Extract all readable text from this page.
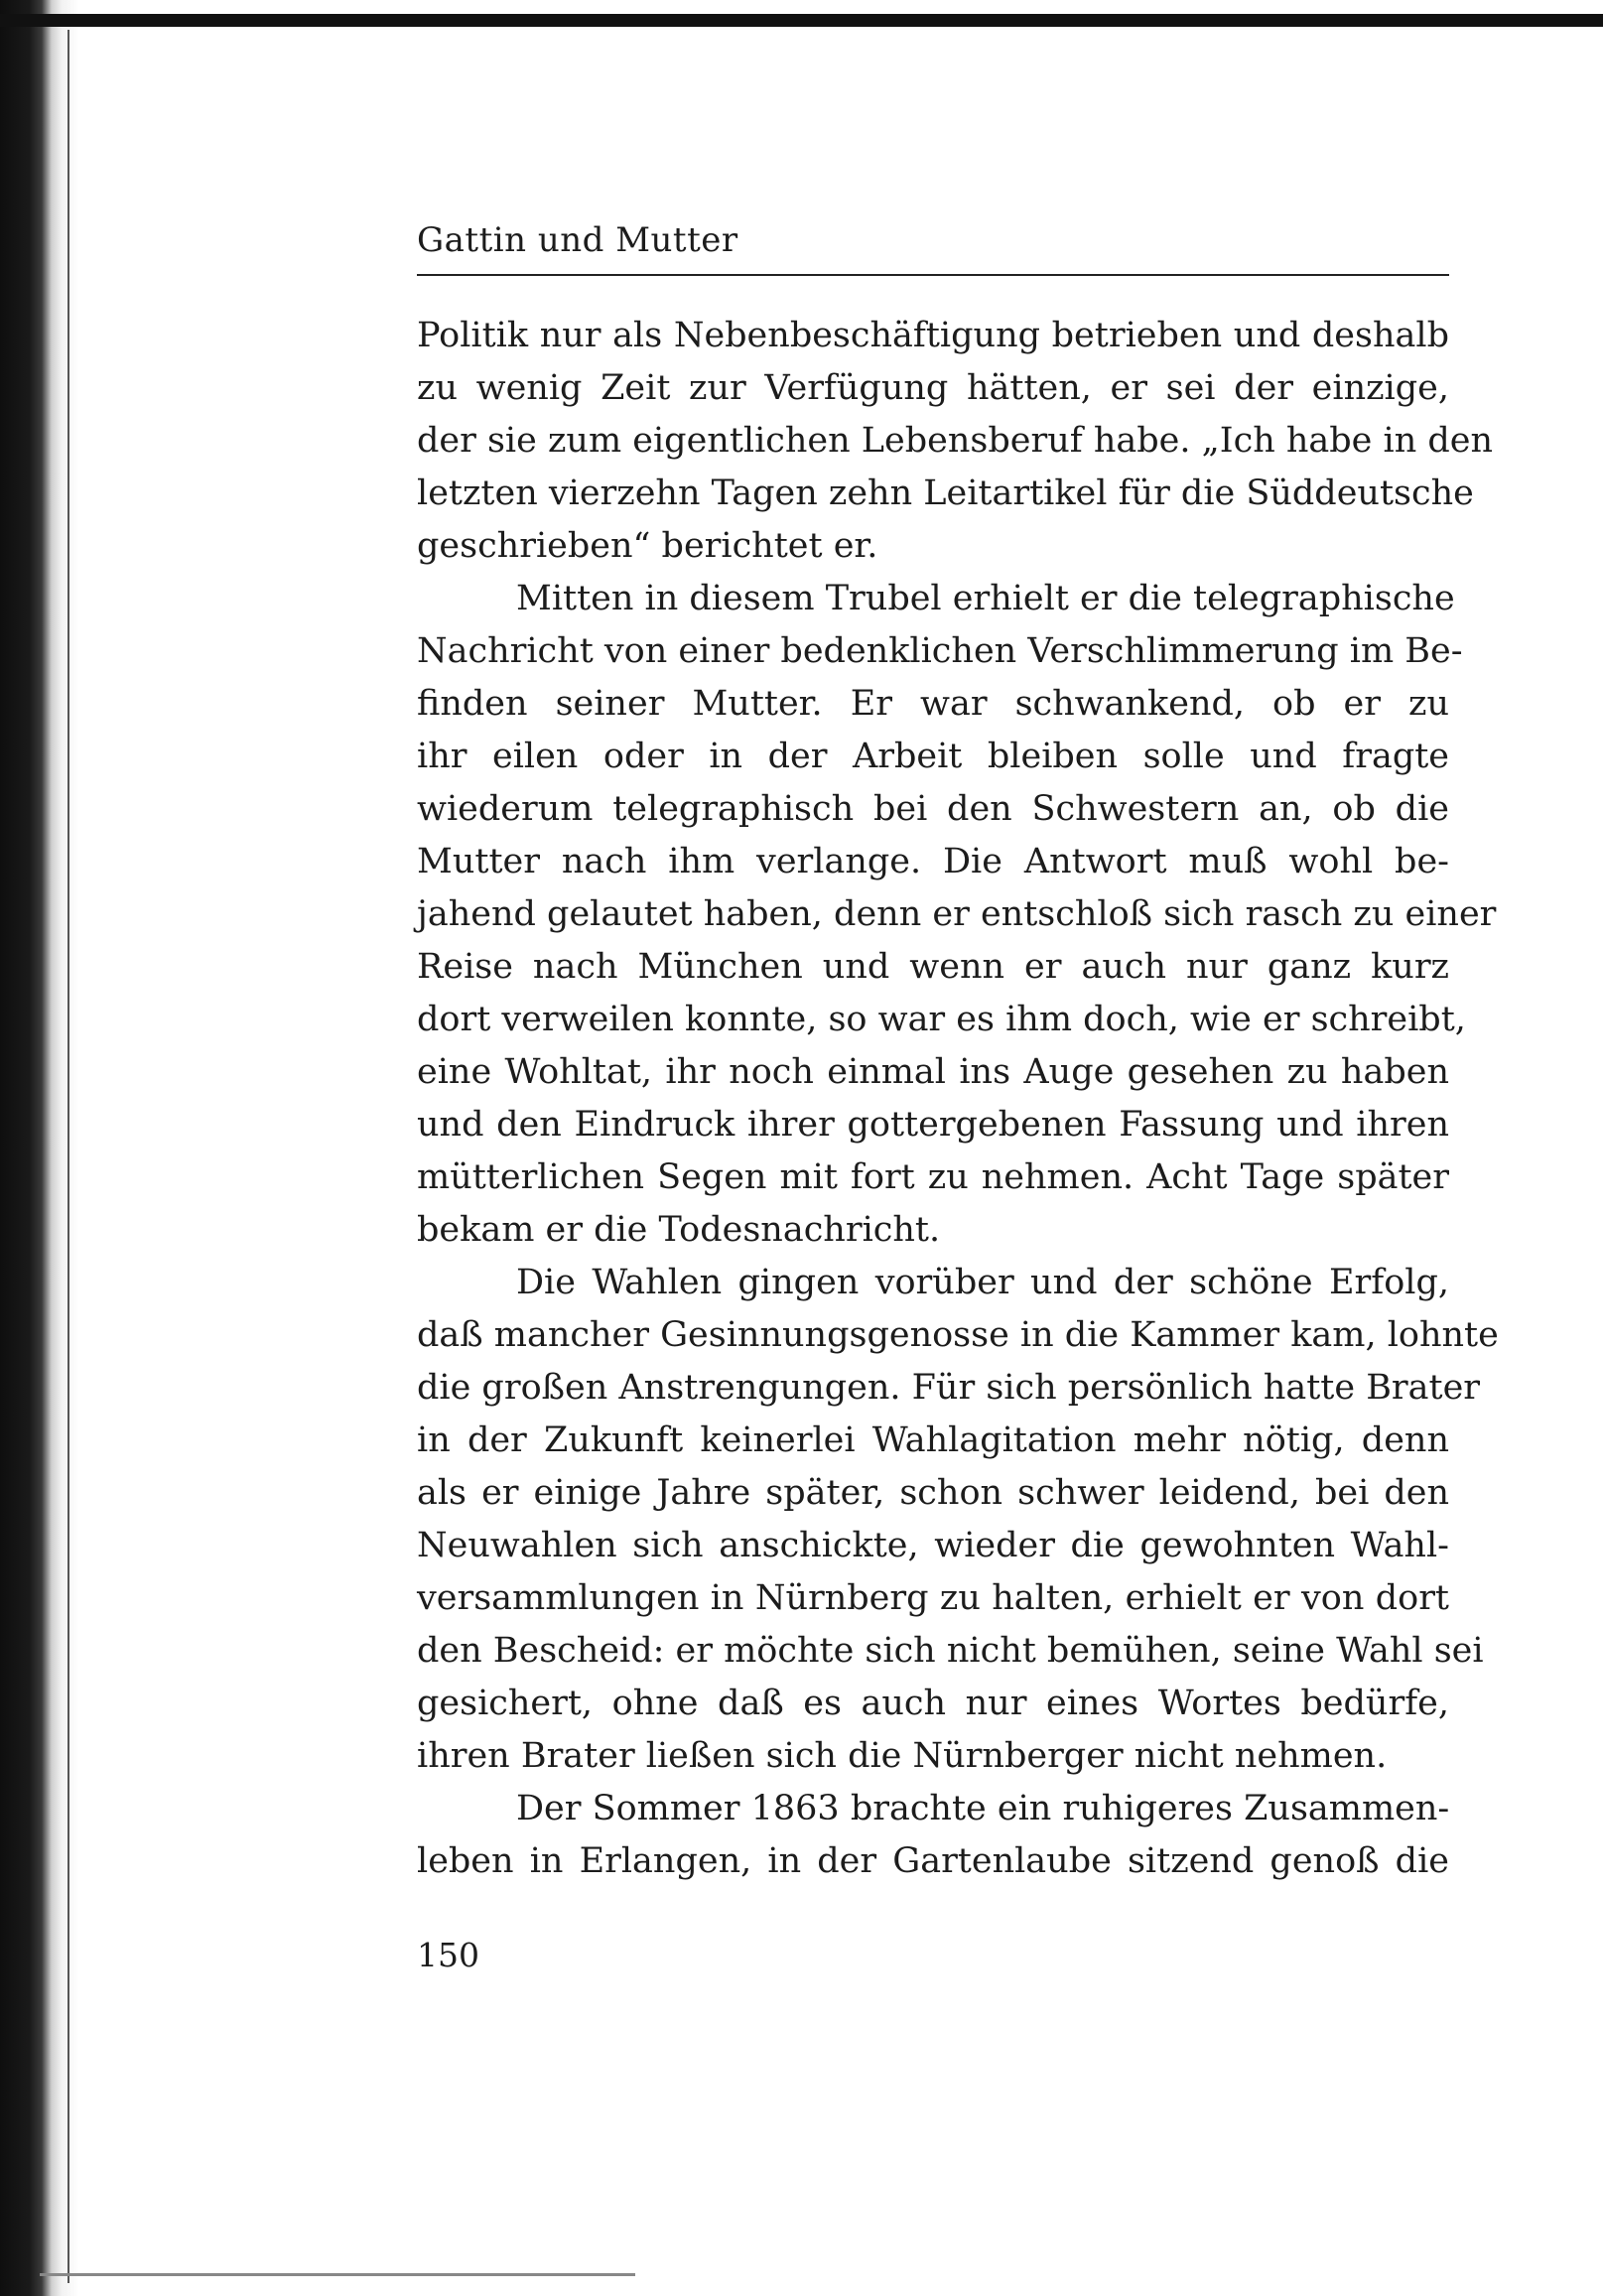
Gattin und Mutter
Politik nur als Nebenbeschäftigung betrieben und deshalb
zu wenig Zeit zur Verfügung hätten, er sei der einzige,
der sie zum eigentlichen Lebensberuf habe. „Ich habe in den
letzten vierzehn Tagen zehn Leitartikel für die Süddeutsche
geschrieben“ berichtet er.
Mitten in diesem Trubel erhielt er die telegraphische
Nachricht von einer bedenklichen Verschlimmerung im Be-
finden seiner Mutter. Er war schwankend, ob er zu
ihr eilen oder in der Arbeit bleiben solle und fragte
wiederum telegraphisch bei den Schwestern an, ob die
Mutter nach ihm verlange. Die Antwort muß wohl be-
jahend gelautet haben, denn er entschloß sich rasch zu einer
Reise nach München und wenn er auch nur ganz kurz
dort verweilen konnte, so war es ihm doch, wie er schreibt,
eine Wohltat, ihr noch einmal ins Auge gesehen zu haben
und den Eindruck ihrer gottergebenen Fassung und ihren
mütterlichen Segen mit fort zu nehmen. Acht Tage später
bekam er die Todesnachricht.
Die Wahlen gingen vorüber und der schöne Erfolg,
daß mancher Gesinnungsgenosse in die Kammer kam, lohnte
die großen Anstrengungen. Für sich persönlich hatte Brater
in der Zukunft keinerlei Wahlagitation mehr nötig, denn
als er einige Jahre später, schon schwer leidend, bei den
Neuwahlen sich anschickte, wieder die gewohnten Wahl-
versammlungen in Nürnberg zu halten, erhielt er von dort
den Bescheid: er möchte sich nicht bemühen, seine Wahl sei
gesichert, ohne daß es auch nur eines Wortes bedürfe,
ihren Brater ließen sich die Nürnberger nicht nehmen.
Der Sommer 1863 brachte ein ruhigeres Zusammen-
leben in Erlangen, in der Gartenlaube sitzend genoß die
150
